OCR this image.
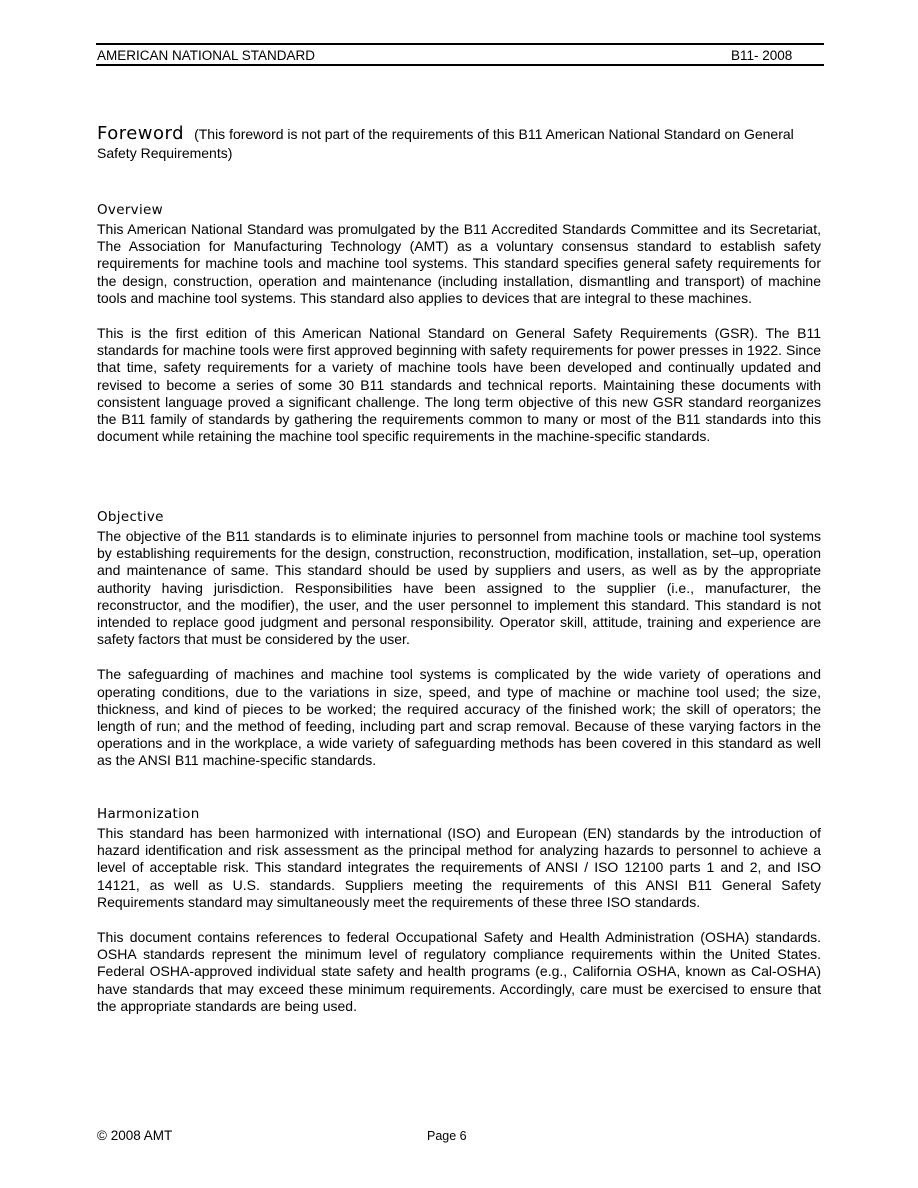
AMERICAN NATIONAL STANDARD	B11- 2008

Foreword (This foreword is not part of the requirements of this B11 American National Standard on General Safety Requirements)

Overview

This American National Standard was promulgated by the B11 Accredited Standards Committee and its Secretariat, The Association for Manufacturing Technology (AMT) as a voluntary consensus standard to establish safety requirements for machine tools and machine tool systems. This standard specifies general safety requirements for the design, construction, operation and maintenance (including installation, dismantling and transport) of machine tools and machine tool systems. This standard also applies to devices that are integral to these machines.

This is the first edition of this American National Standard on General Safety Requirements (GSR). The B11 standards for machine tools were first approved beginning with safety requirements for power presses in 1922. Since that time, safety requirements for a variety of machine tools have been developed and continually updated and revised to become a series of some 30 B11 standards and technical reports. Maintaining these documents with consistent language proved a significant challenge. The long term objective of this new GSR standard reorganizes the B11 family of standards by gathering the requirements common to many or most of the B11 standards into this document while retaining the machine tool specific requirements in the machine-specific standards.

Objective

The objective of the B11 standards is to eliminate injuries to personnel from machine tools or machine tool systems by establishing requirements for the design, construction, reconstruction, modification, installation, set–up, operation and maintenance of same. This standard should be used by suppliers and users, as well as by the appropriate authority having jurisdiction. Responsibilities have been assigned to the supplier (i.e., manufacturer, the reconstructor, and the modifier), the user, and the user personnel to implement this standard. This standard is not intended to replace good judgment and personal responsibility. Operator skill, attitude, training and experience are safety factors that must be considered by the user.

The safeguarding of machines and machine tool systems is complicated by the wide variety of operations and operating conditions, due to the variations in size, speed, and type of machine or machine tool used; the size, thickness, and kind of pieces to be worked; the required accuracy of the finished work; the skill of operators; the length of run; and the method of feeding, including part and scrap removal. Because of these varying factors in the operations and in the workplace, a wide variety of safeguarding methods has been covered in this standard as well as the ANSI B11 machine-specific standards.

Harmonization

This standard has been harmonized with international (ISO) and European (EN) standards by the introduction of hazard identification and risk assessment as the principal method for analyzing hazards to personnel to achieve a level of acceptable risk. This standard integrates the requirements of ANSI / ISO 12100 parts 1 and 2, and ISO 14121, as well as U.S. standards. Suppliers meeting the requirements of this ANSI B11 General Safety Requirements standard may simultaneously meet the requirements of these three ISO standards.

This document contains references to federal Occupational Safety and Health Administration (OSHA) standards. OSHA standards represent the minimum level of regulatory compliance requirements within the United States. Federal OSHA-approved individual state safety and health programs (e.g., California OSHA, known as Cal-OSHA) have standards that may exceed these minimum requirements. Accordingly, care must be exercised to ensure that the appropriate standards are being used.

© 2008 AMT	Page 6
